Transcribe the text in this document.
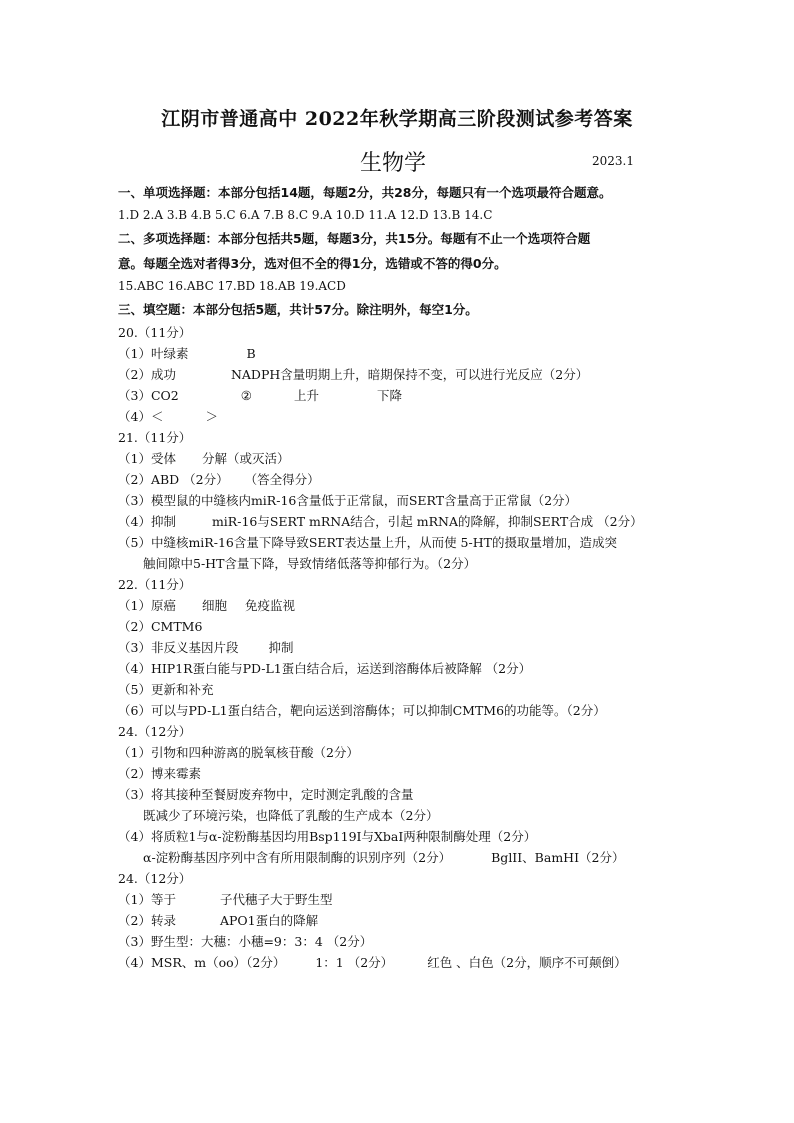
江阴市普通高中 2022年秋学期高三阶段测试参考答案
生物学	2023.1
一、单项选择题：本部分包括14题，每题2分，共28分，每题只有一个选项最符合题意。
1.D 2.A 3.B 4.B 5.C 6.A 7.B 8.C 9.A 10.D 11.A 12.D 13.B 14.C
二、多项选择题：本部分包括共5题，每题3分，共15分。每题有不止一个选项符合题
意。每题全选对者得3分，选对但不全的得1分，选错或不答的得0分。
15.ABC 16.ABC 17.BD 18.AB 19.ACD
三、填空题：本部分包括5题，共计57分。除注明外，每空1分。
20.（11分）
（1）叶绿素	B
（2）成功	NADPH含量明期上升，暗期保持不变，可以进行光反应（2分）
（3）CO2	②	上升	下降
（4）＜	＞
21.（11分）
（1）受体 分解（或灭活）
（2）ABD （2分） （答全得分）
（3）模型鼠的中缝核内miR-16含量低于正常鼠，而SERT含量高于正常鼠（2分）
（4）抑制	miR-16与SERT mRNA结合，引起 mRNA的降解，抑制SERT合成 （2分）
（5）中缝核miR-16含量下降导致SERT表达量上升，从而使 5-HT的摄取量增加，造成突
触间隙中5-HT含量下降，导致情绪低落等抑郁行为。（2分）
22.（11分）
（1）原癌 细胞 免疫监视
（2）CMTM6
（3）非反义基因片段 抑制
（4）HIP1R蛋白能与PD-L1蛋白结合后，运送到溶酶体后被降解 （2分）
（5）更新和补充
（6）可以与PD-L1蛋白结合，靶向运送到溶酶体；可以抑制CMTM6的功能等。（2分）
24.（12分）
（1）引物和四种游离的脱氧核苷酸（2分）
（2）博来霉素
（3）将其接种至餐厨废弃物中，定时测定乳酸的含量
既减少了环境污染，也降低了乳酸的生产成本（2分）
（4）将质粒1与α-淀粉酶基因均用Bsp119Ⅰ与XbaⅠ两种限制酶处理（2分）
α-淀粉酶基因序列中含有所用限制酶的识别序列（2分）	BglII、BamHⅠ（2分）
24.（12分）
（1）等于	子代穗子大于野生型
（2）转录	APO1蛋白的降解
（3）野生型：大穗：小穗=9：3：4 （2分）
（4）MSR、m（oo）（2分） 1：1 （2分）	红色 、白色（2分，顺序不可颠倒）
